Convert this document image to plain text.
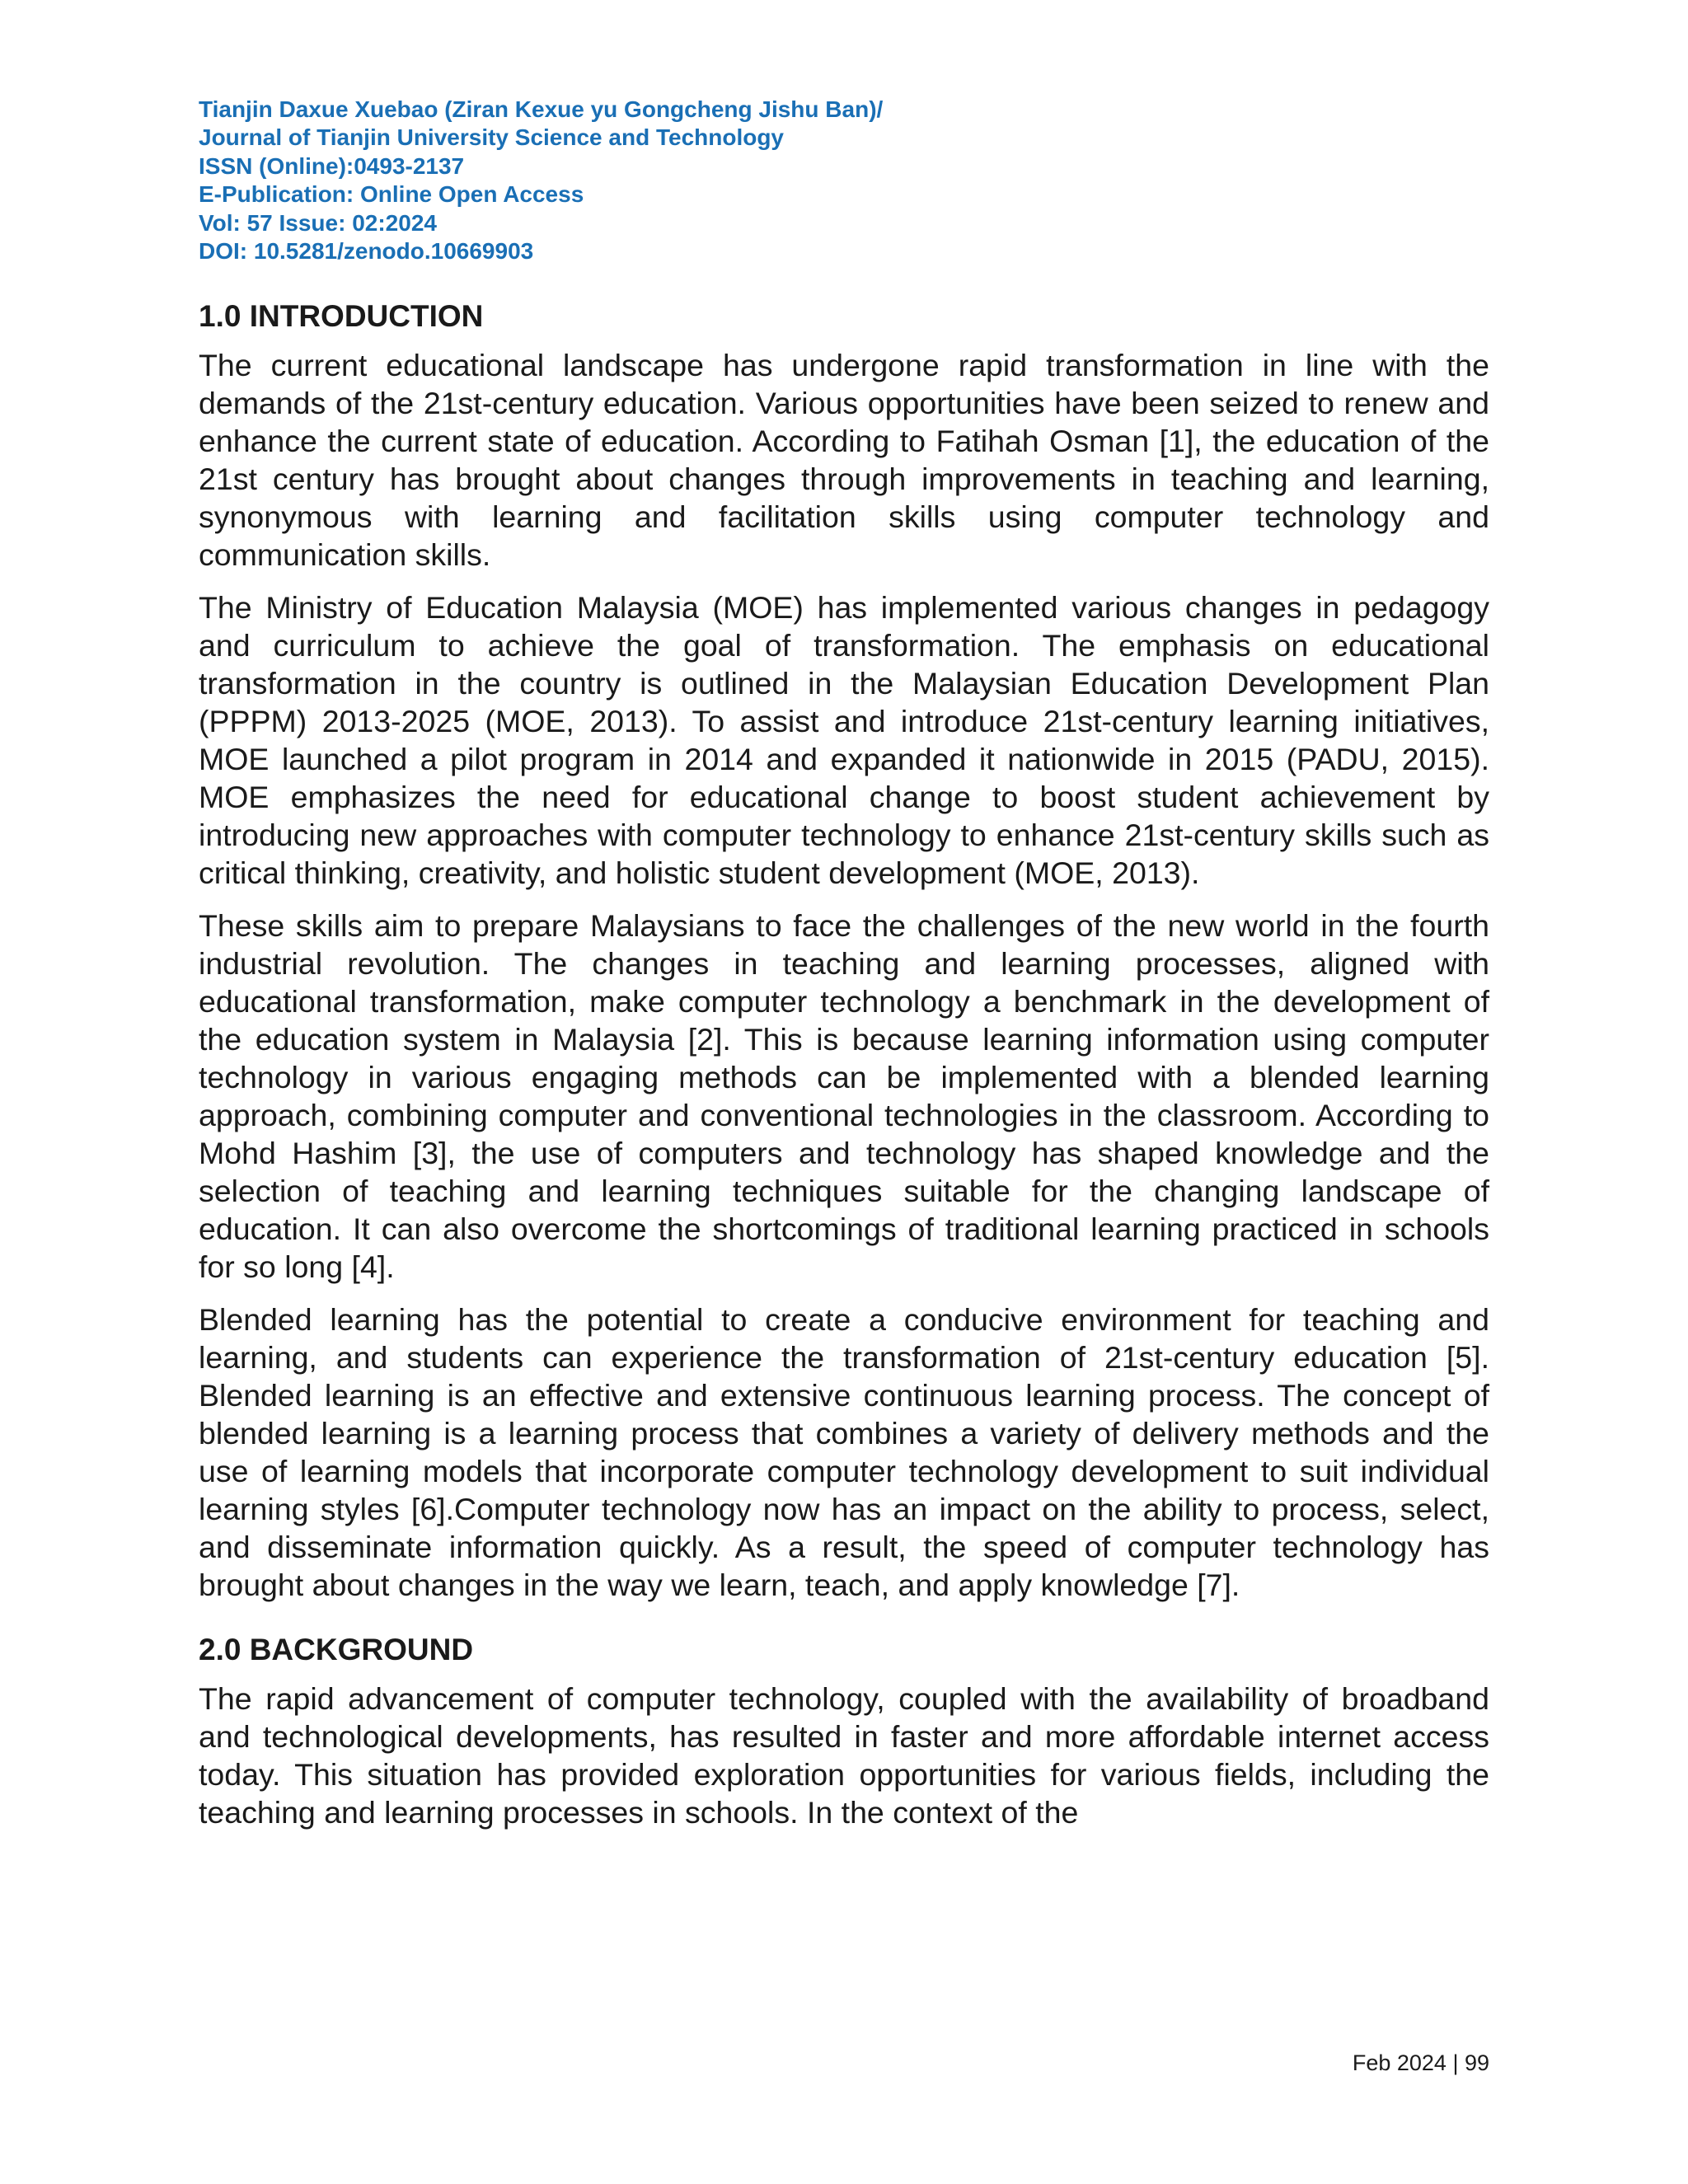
Tianjin Daxue Xuebao (Ziran Kexue yu Gongcheng Jishu Ban)/
Journal of Tianjin University Science and Technology
ISSN (Online):0493-2137
E-Publication: Online Open Access
Vol: 57 Issue: 02:2024
DOI: 10.5281/zenodo.10669903
1.0 INTRODUCTION

The current educational landscape has undergone rapid transformation in line with the demands of the 21st-century education. Various opportunities have been seized to renew and enhance the current state of education. According to Fatihah Osman [1], the education of the 21st century has brought about changes through improvements in teaching and learning, synonymous with learning and facilitation skills using computer technology and communication skills.

The Ministry of Education Malaysia (MOE) has implemented various changes in pedagogy and curriculum to achieve the goal of transformation. The emphasis on educational transformation in the country is outlined in the Malaysian Education Development Plan (PPPM) 2013-2025 (MOE, 2013). To assist and introduce 21st-century learning initiatives, MOE launched a pilot program in 2014 and expanded it nationwide in 2015 (PADU, 2015). MOE emphasizes the need for educational change to boost student achievement by introducing new approaches with computer technology to enhance 21st-century skills such as critical thinking, creativity, and holistic student development (MOE, 2013).

These skills aim to prepare Malaysians to face the challenges of the new world in the fourth industrial revolution. The changes in teaching and learning processes, aligned with educational transformation, make computer technology a benchmark in the development of the education system in Malaysia [2]. This is because learning information using computer technology in various engaging methods can be implemented with a blended learning approach, combining computer and conventional technologies in the classroom. According to Mohd Hashim [3], the use of computers and technology has shaped knowledge and the selection of teaching and learning techniques suitable for the changing landscape of education. It can also overcome the shortcomings of traditional learning practiced in schools for so long [4].

Blended learning has the potential to create a conducive environment for teaching and learning, and students can experience the transformation of 21st-century education [5]. Blended learning is an effective and extensive continuous learning process. The concept of blended learning is a learning process that combines a variety of delivery methods and the use of learning models that incorporate computer technology development to suit individual learning styles [6].Computer technology now has an impact on the ability to process, select, and disseminate information quickly. As a result, the speed of computer technology has brought about changes in the way we learn, teach, and apply knowledge [7].

2.0 BACKGROUND

The rapid advancement of computer technology, coupled with the availability of broadband and technological developments, has resulted in faster and more affordable internet access today. This situation has provided exploration opportunities for various fields, including the teaching and learning processes in schools. In the context of the

Feb 2024 | 99
